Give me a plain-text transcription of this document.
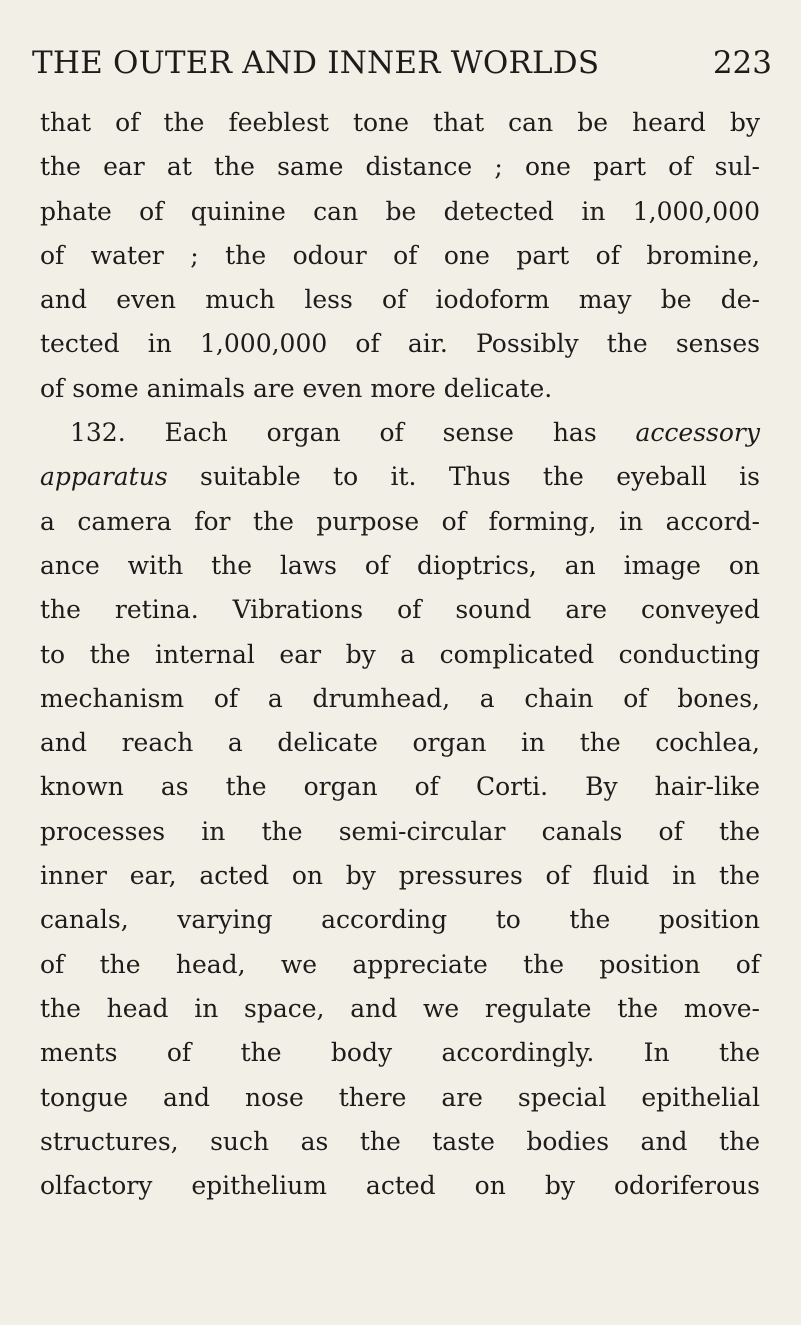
THE OUTER AND INNER WORLDS	223
that of the feeblest tone that can be heard by
the ear at the same distance ; one part of sul-
phate of quinine can be detected in 1,000,000
of water ; the odour of one part of bromine,
and even much less of iodoform may be de-
tected in 1,000,000 of air. Possibly the senses
of some animals are even more delicate.
132. Each organ of sense has accessory
apparatus suitable to it. Thus the eyeball is
a camera for the purpose of forming, in accord-
ance with the laws of dioptrics, an image on
the retina. Vibrations of sound are conveyed
to the internal ear by a complicated conducting
mechanism of a drumhead, a chain of bones,
and reach a delicate organ in the cochlea,
known as the organ of Corti. By hair-like
processes in the semi-circular canals of the
inner ear, acted on by pressures of fluid in the
canals, varying according to the position
of the head, we appreciate the position of
the head in space, and we regulate the move-
ments of the body accordingly. In the
tongue and nose there are special epithelial
structures, such as the taste bodies and the
olfactory epithelium acted on by odoriferous
